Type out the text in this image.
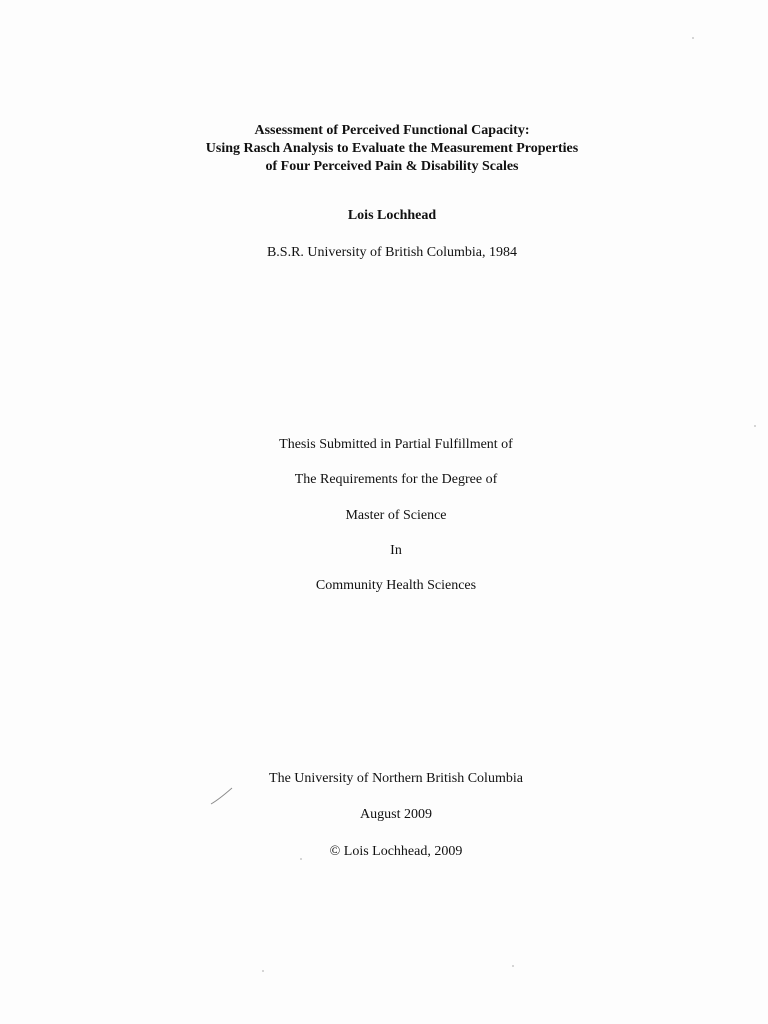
Assessment of Perceived Functional Capacity:
Using Rasch Analysis to Evaluate the Measurement Properties
of Four Perceived Pain & Disability Scales
Lois Lochhead
B.S.R. University of British Columbia, 1984
Thesis Submitted in Partial Fulfillment of
The Requirements for the Degree of
Master of Science
In
Community Health Sciences
The University of Northern British Columbia
August 2009
© Lois Lochhead, 2009
